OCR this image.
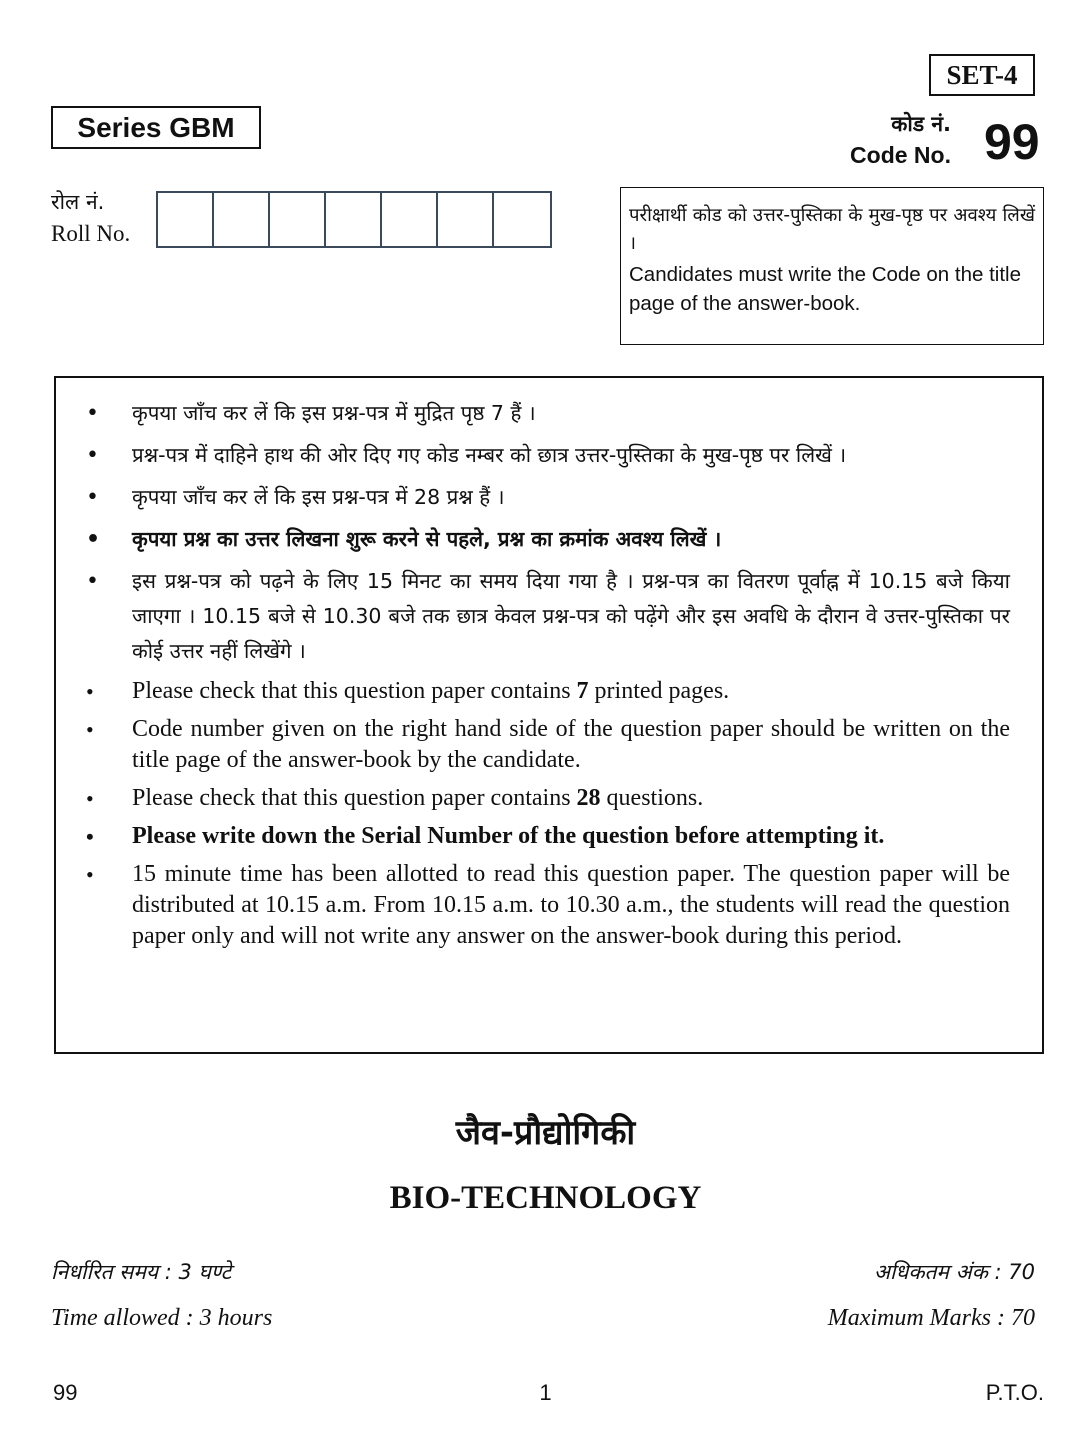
SET-4
Series GBM	कोड नं.
Code No. 99
रोल नं.
Roll No.
परीक्षार्थी कोड को उत्तर-पुस्तिका के मुख-पृष्ठ पर अवश्य लिखें ।
Candidates must write the Code on the title page of the answer-book.
• कृपया जाँच कर लें कि इस प्रश्न-पत्र में मुद्रित पृष्ठ 7 हैं ।
• प्रश्न-पत्र में दाहिने हाथ की ओर दिए गए कोड नम्बर को छात्र उत्तर-पुस्तिका के मुख-पृष्ठ पर लिखें ।
• कृपया जाँच कर लें कि इस प्रश्न-पत्र में 28 प्रश्न हैं ।
• कृपया प्रश्न का उत्तर लिखना शुरू करने से पहले, प्रश्न का क्रमांक अवश्य लिखें ।
• इस प्रश्न-पत्र को पढ़ने के लिए 15 मिनट का समय दिया गया है । प्रश्न-पत्र का वितरण पूर्वाह्न में 10.15 बजे किया जाएगा । 10.15 बजे से 10.30 बजे तक छात्र केवल प्रश्न-पत्र को पढ़ेंगे और इस अवधि के दौरान वे उत्तर-पुस्तिका पर कोई उत्तर नहीं लिखेंगे ।
• Please check that this question paper contains 7 printed pages.
• Code number given on the right hand side of the question paper should be written on the title page of the answer-book by the candidate.
• Please check that this question paper contains 28 questions.
• Please write down the Serial Number of the question before attempting it.
• 15 minute time has been allotted to read this question paper. The question paper will be distributed at 10.15 a.m. From 10.15 a.m. to 10.30 a.m., the students will read the question paper only and will not write any answer on the answer-book during this period.
जैव-प्रौद्योगिकी
BIO-TECHNOLOGY
निर्धारित समय : 3 घण्टे	अधिकतम अंक : 70
Time allowed : 3 hours	Maximum Marks : 70
99	1	P.T.O.
